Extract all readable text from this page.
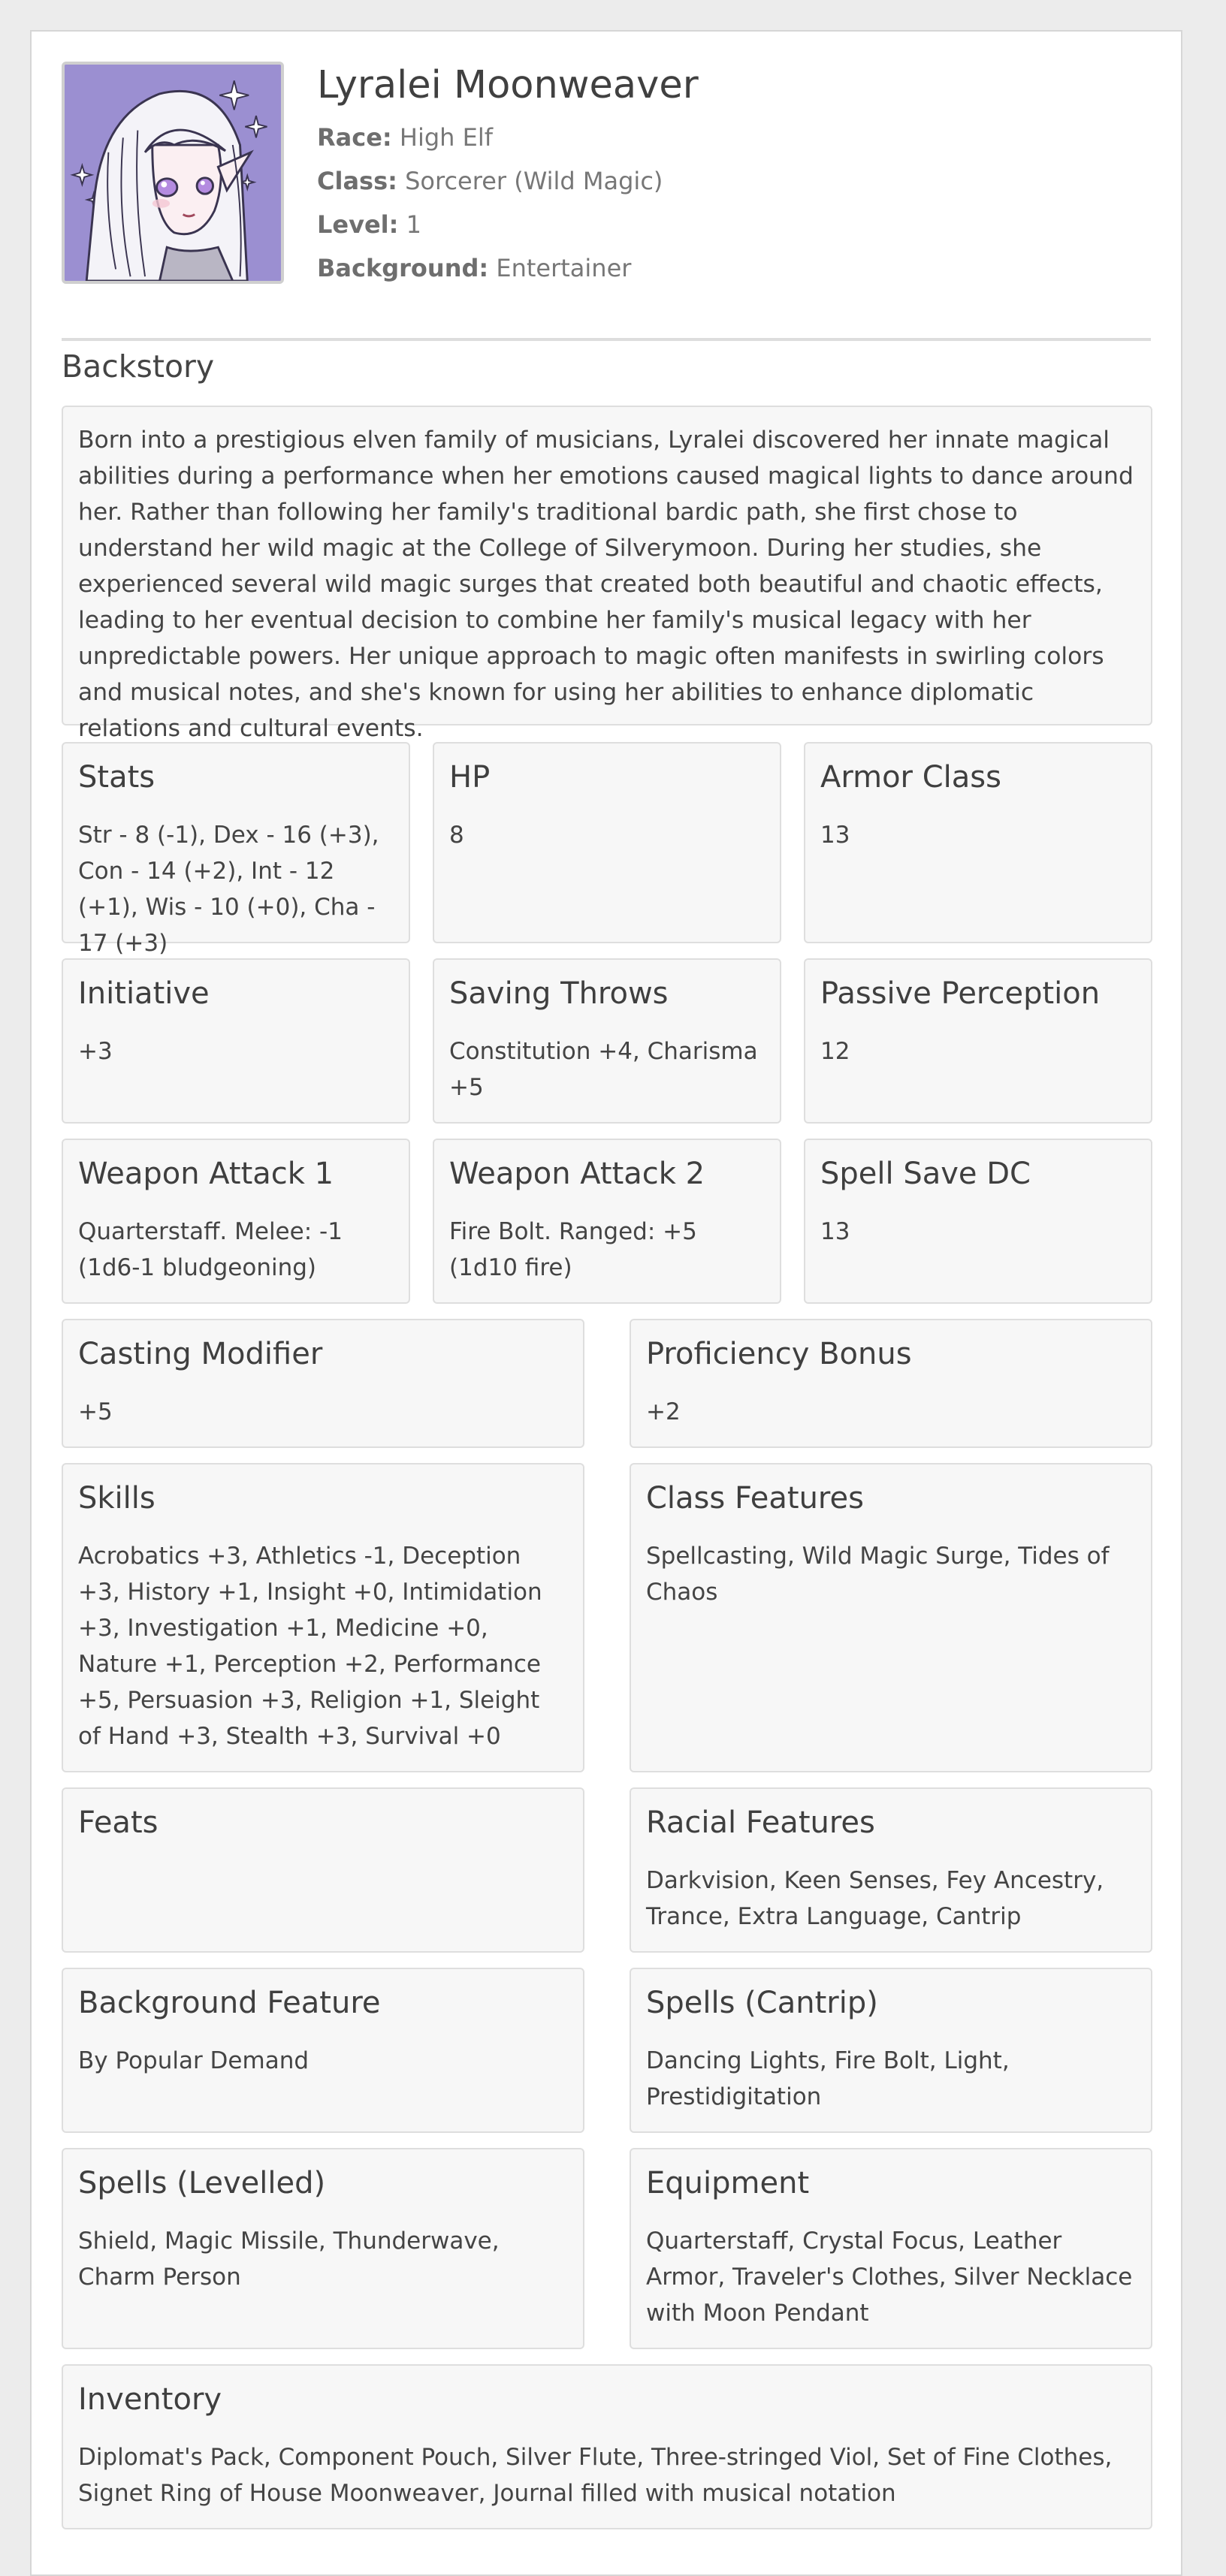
Lyralei Moonweaver
Race: High Elf
Class: Sorcerer (Wild Magic)
Level: 1
Background: Entertainer
Backstory
Born into a prestigious elven family of musicians, Lyralei discovered her innate magical abilities during a performance when her emotions caused magical lights to dance around her. Rather than following her family's traditional bardic path, she first chose to understand her wild magic at the College of Silverymoon. During her studies, she experienced several wild magic surges that created both beautiful and chaotic effects, leading to her eventual decision to combine her family's musical legacy with her unpredictable powers. Her unique approach to magic often manifests in swirling colors and musical notes, and she's known for using her abilities to enhance diplomatic relations and cultural events.
Stats
Str - 8 (-1), Dex - 16 (+3), Con - 14 (+2), Int - 12 (+1), Wis - 10 (+0), Cha - 17 (+3)
HP
8
Armor Class
13
Initiative
+3
Saving Throws
Constitution +4, Charisma +5
Passive Perception
12
Weapon Attack 1
Quarterstaff. Melee: -1 (1d6-1 bludgeoning)
Weapon Attack 2
Fire Bolt. Ranged: +5 (1d10 fire)
Spell Save DC
13
Casting Modifier
+5
Proficiency Bonus
+2
Skills
Acrobatics +3, Athletics -1, Deception +3, History +1, Insight +0, Intimidation +3, Investigation +1, Medicine +0, Nature +1, Perception +2, Performance +5, Persuasion +3, Religion +1, Sleight of Hand +3, Stealth +3, Survival +0
Class Features
Spellcasting, Wild Magic Surge, Tides of Chaos
Feats	Racial Features
Darkvision, Keen Senses, Fey Ancestry, Trance, Extra Language, Cantrip
Background Feature
By Popular Demand
Spells (Cantrip)
Dancing Lights, Fire Bolt, Light, Prestidigitation
Spells (Levelled)
Shield, Magic Missile, Thunderwave, Charm Person
Equipment
Quarterstaff, Crystal Focus, Leather Armor, Traveler's Clothes, Silver Necklace with Moon Pendant
Inventory
Diplomat's Pack, Component Pouch, Silver Flute, Three-stringed Viol, Set of Fine Clothes, Signet Ring of House Moonweaver, Journal filled with musical notation
